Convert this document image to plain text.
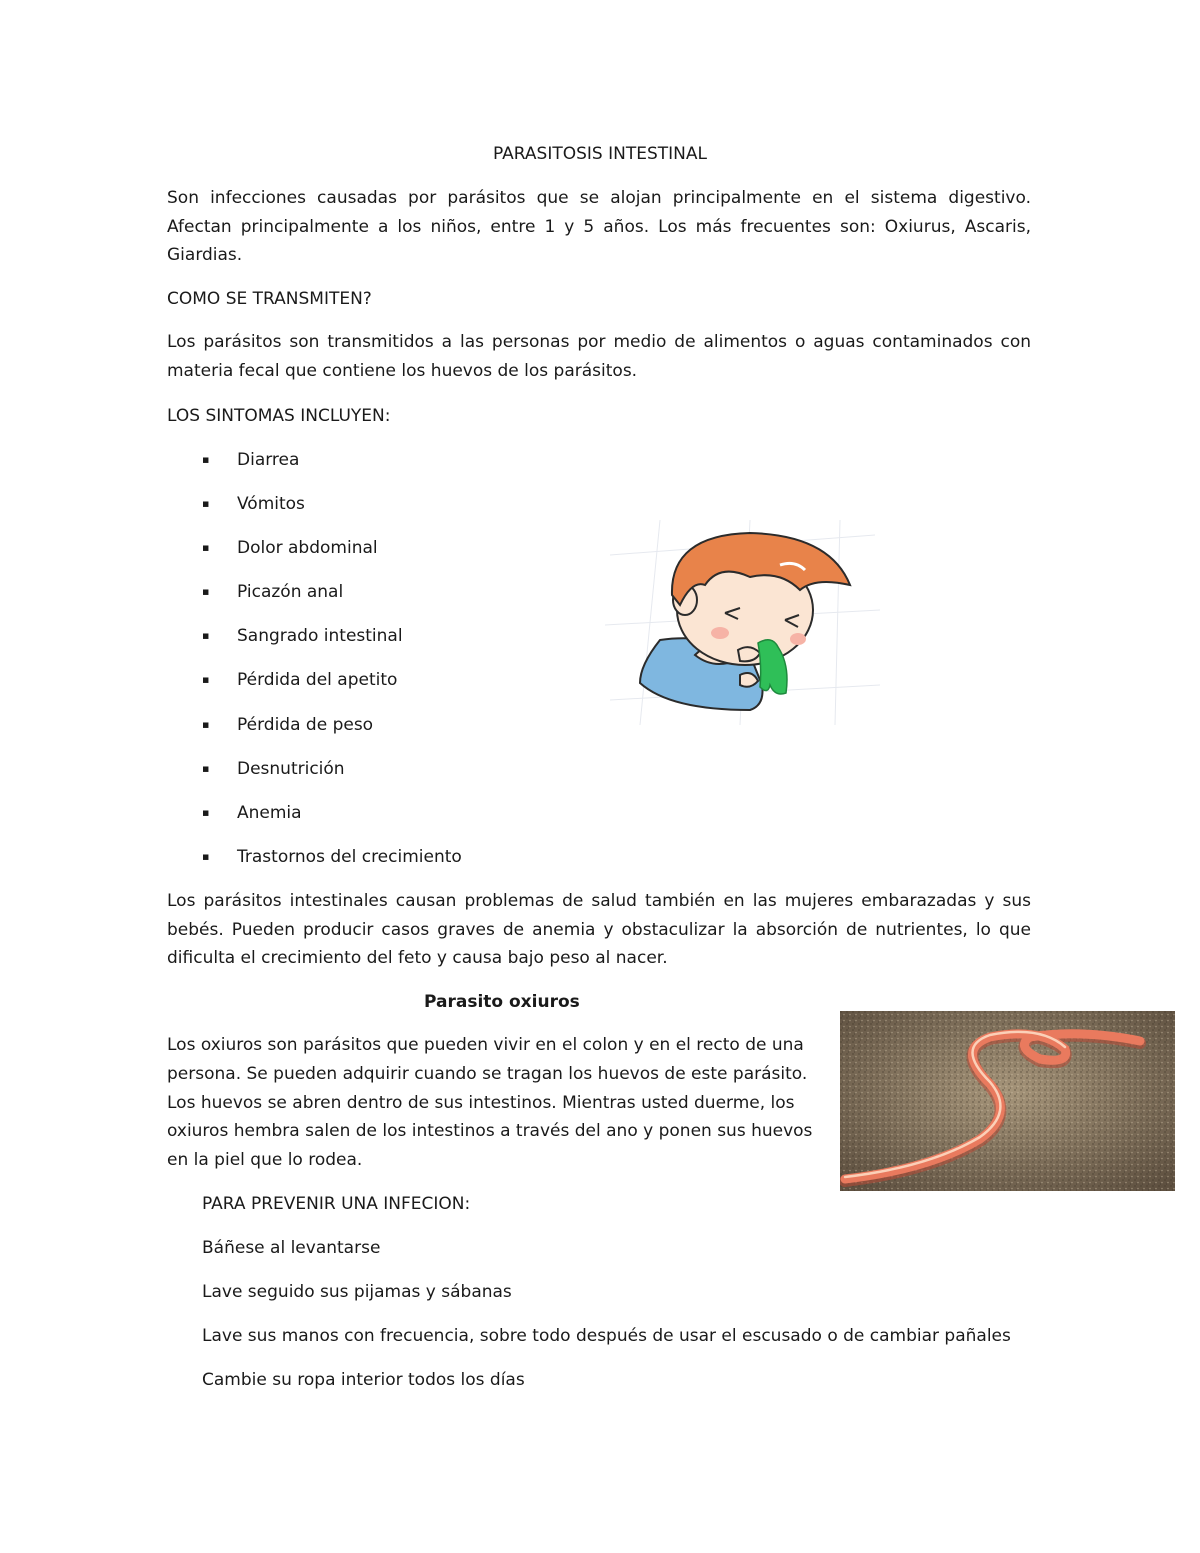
PARASITOSIS INTESTINAL
Son infecciones causadas por parásitos que se alojan principalmente en el sistema digestivo. Afectan principalmente a los niños, entre 1 y 5 años. Los más frecuentes son: Oxiurus, Ascaris, Giardias.
COMO SE TRANSMITEN?
Los parásitos son transmitidos a las personas por medio de alimentos o aguas contaminados con materia fecal que contiene los huevos de los parásitos.
LOS SINTOMAS INCLUYEN:
▪ Diarrea
▪ Vómitos
▪ Dolor abdominal
▪ Picazón anal
▪ Sangrado intestinal
▪ Pérdida del apetito
▪ Pérdida de peso
▪ Desnutrición
▪ Anemia
▪ Trastornos del crecimiento
Los parásitos intestinales causan problemas de salud también en las mujeres embarazadas y sus bebés. Pueden producir casos graves de anemia y obstaculizar la absorción de nutrientes, lo que dificulta el crecimiento del feto y causa bajo peso al nacer.
Parasito oxiuros
Los oxiuros son parásitos que pueden vivir en el colon y en el recto de una
persona. Se pueden adquirir cuando se tragan los huevos de este parásito.
Los huevos se abren dentro de sus intestinos. Mientras usted duerme, los
oxiuros hembra salen de los intestinos a través del ano y ponen sus huevos
en la piel que lo rodea.
PARA PREVENIR UNA INFECION:
Báñese al levantarse
Lave seguido sus pijamas y sábanas
Lave sus manos con frecuencia, sobre todo después de usar el escusado o de cambiar pañales
Cambie su ropa interior todos los días
